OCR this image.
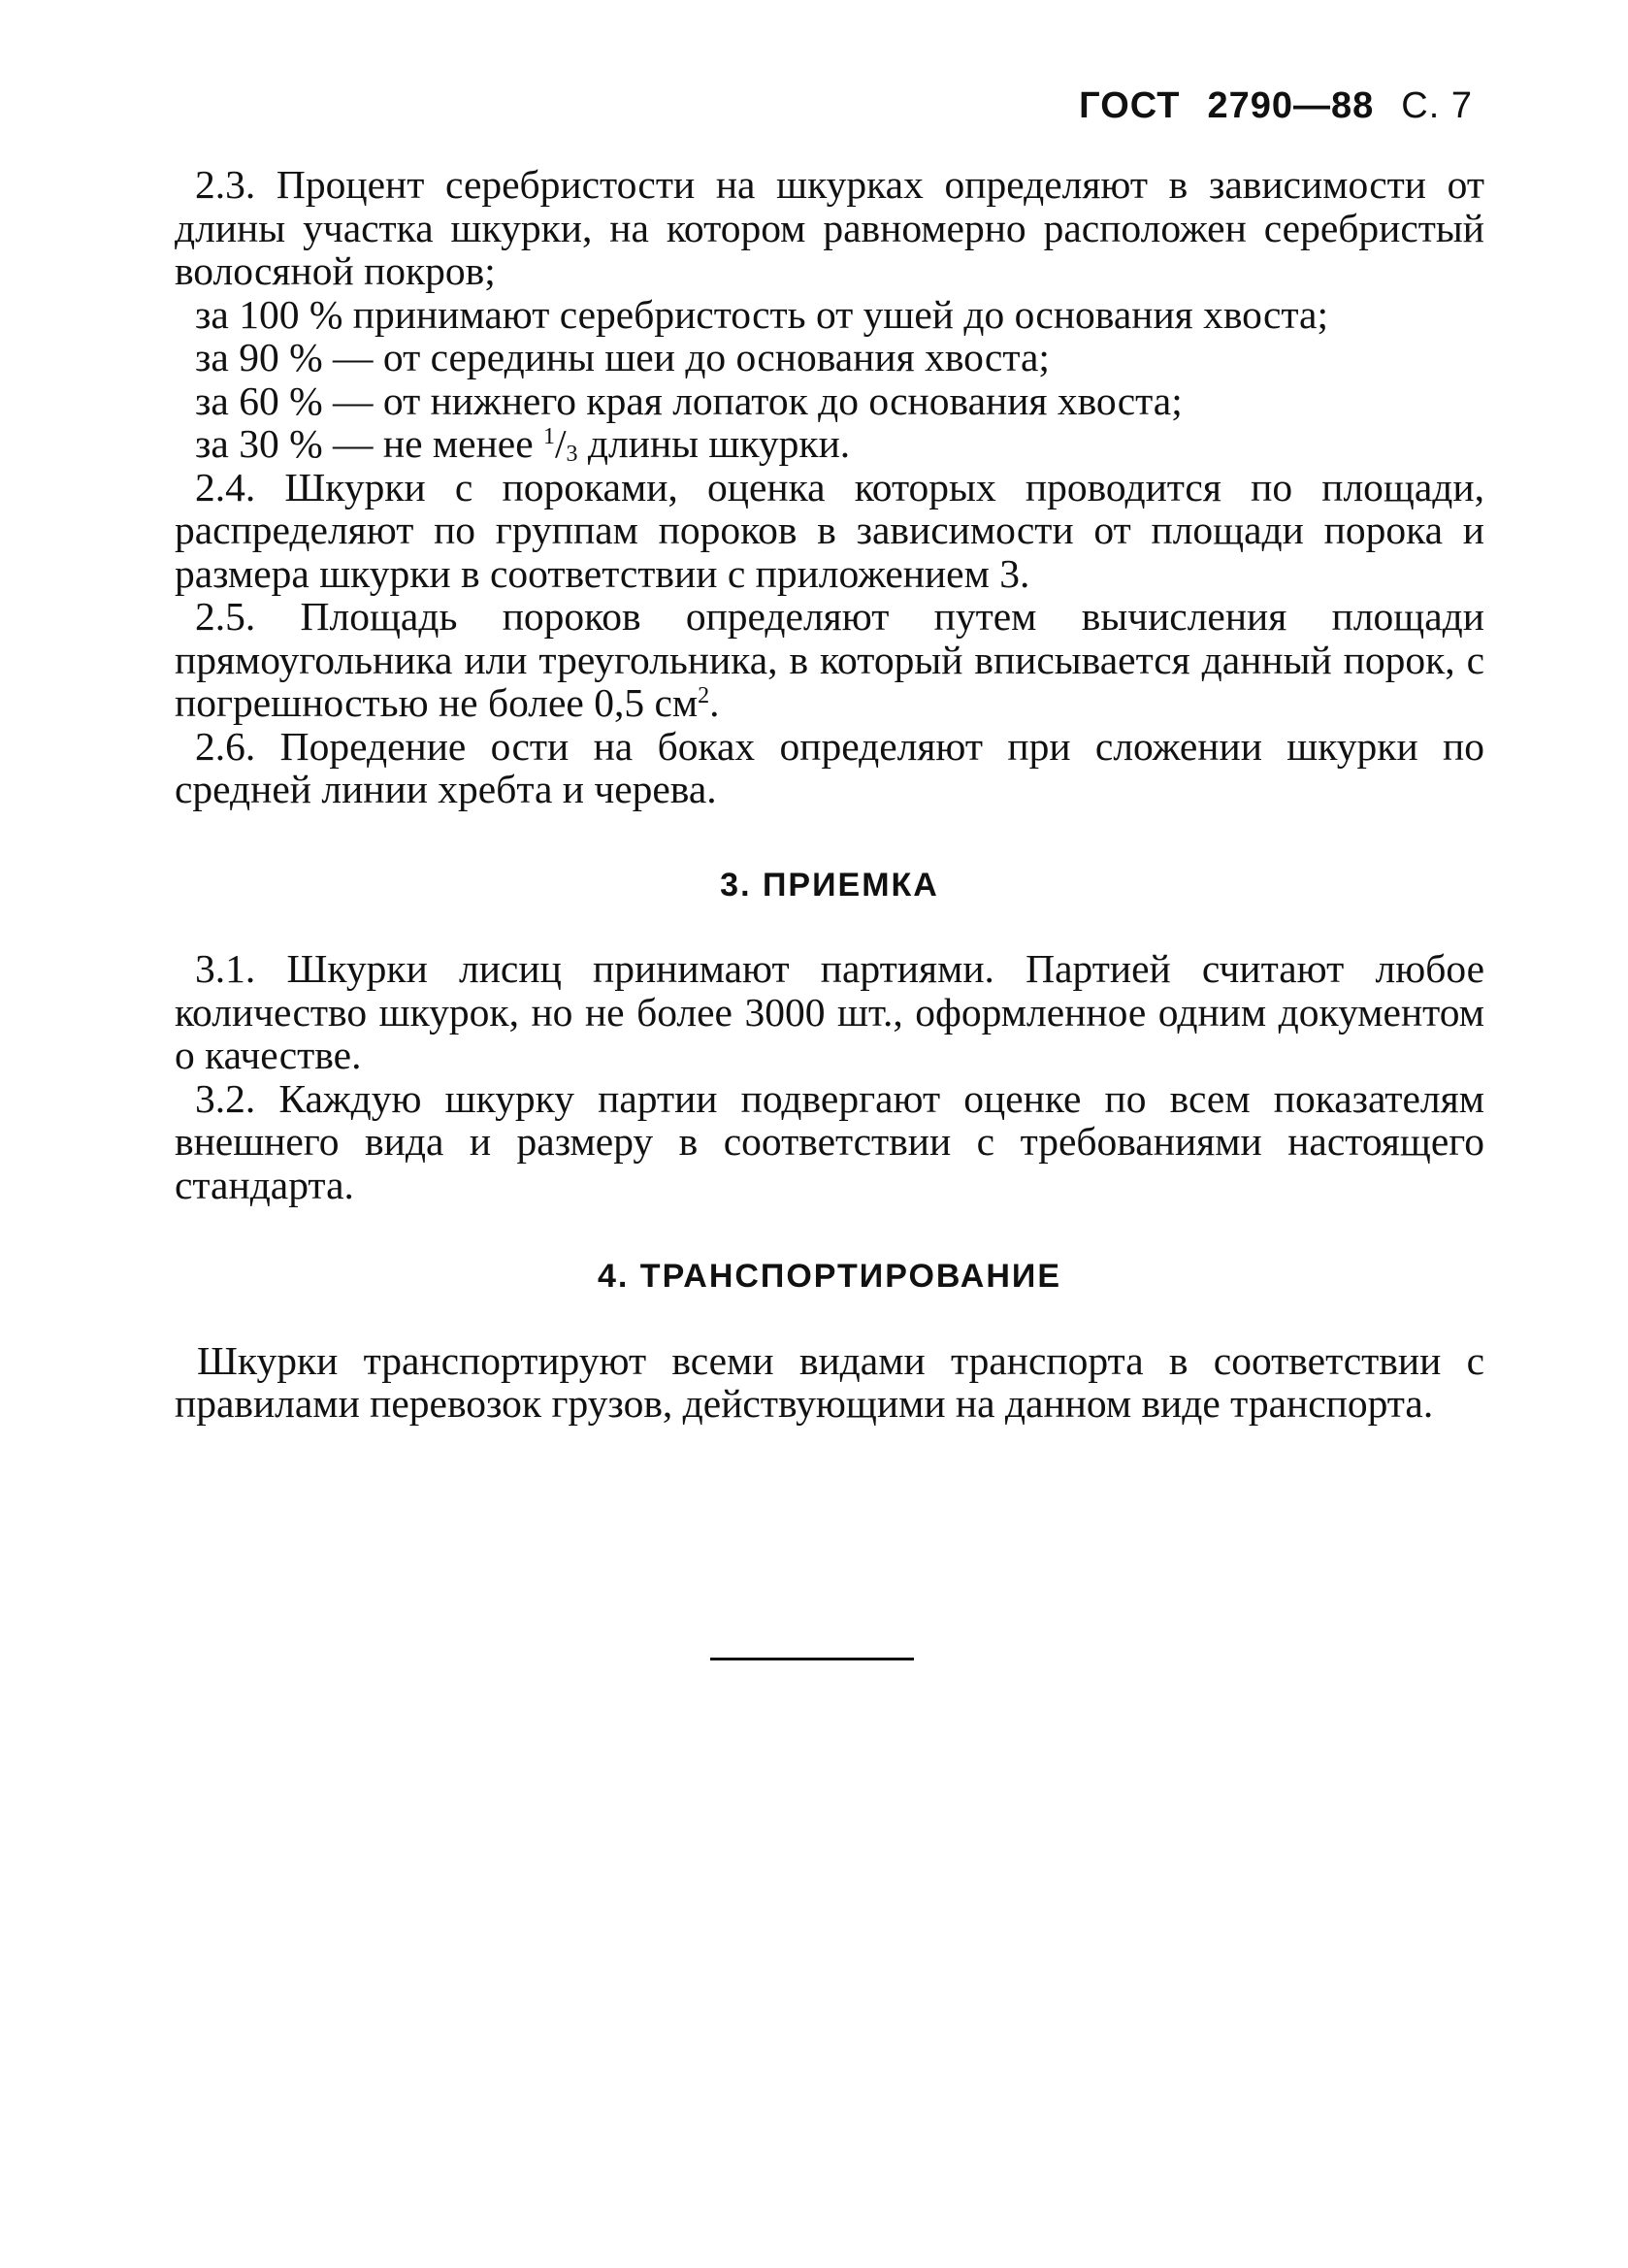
ГОСТ 2790—88 С. 7

2.3. Процент серебристости на шкурках определяют в зависимости от длины участка шкурки, на котором равномерно расположен серебристый волосяной покров;

за 100 % принимают серебристость от ушей до основания хвоста;

за 90 % — от середины шеи до основания хвоста;

за 60 % — от нижнего края лопаток до основания хвоста;

за 30 % — не менее $^1/_3$ длины шкурки.

2.4. Шкурки с пороками, оценка которых проводится по площади, распределяют по группам пороков в зависимости от площади порока и размера шкурки в соответствии с приложением 3.

2.5. Площадь пороков определяют путем вычисления площади прямоугольника или треугольника, в который вписывается данный порок, с погрешностью не более 0,5 $см^2$.

2.6. Поредение ости на боках определяют при сложении шкурки по средней линии хребта и черева.

3. ПРИЕМКА

3.1. Шкурки лисиц принимают партиями. Партией считают любое количество шкурок, но не более 3000 шт., оформленное одним документом о качестве.

3.2. Каждую шкурку партии подвергают оценке по всем показателям внешнего вида и размеру в соответствии с требованиями настоящего стандарта.

4. ТРАНСПОРТИРОВАНИЕ

Шкурки транспортируют всеми видами транспорта в соответствии с правилами перевозок грузов, действующими на данном виде транспорта.
